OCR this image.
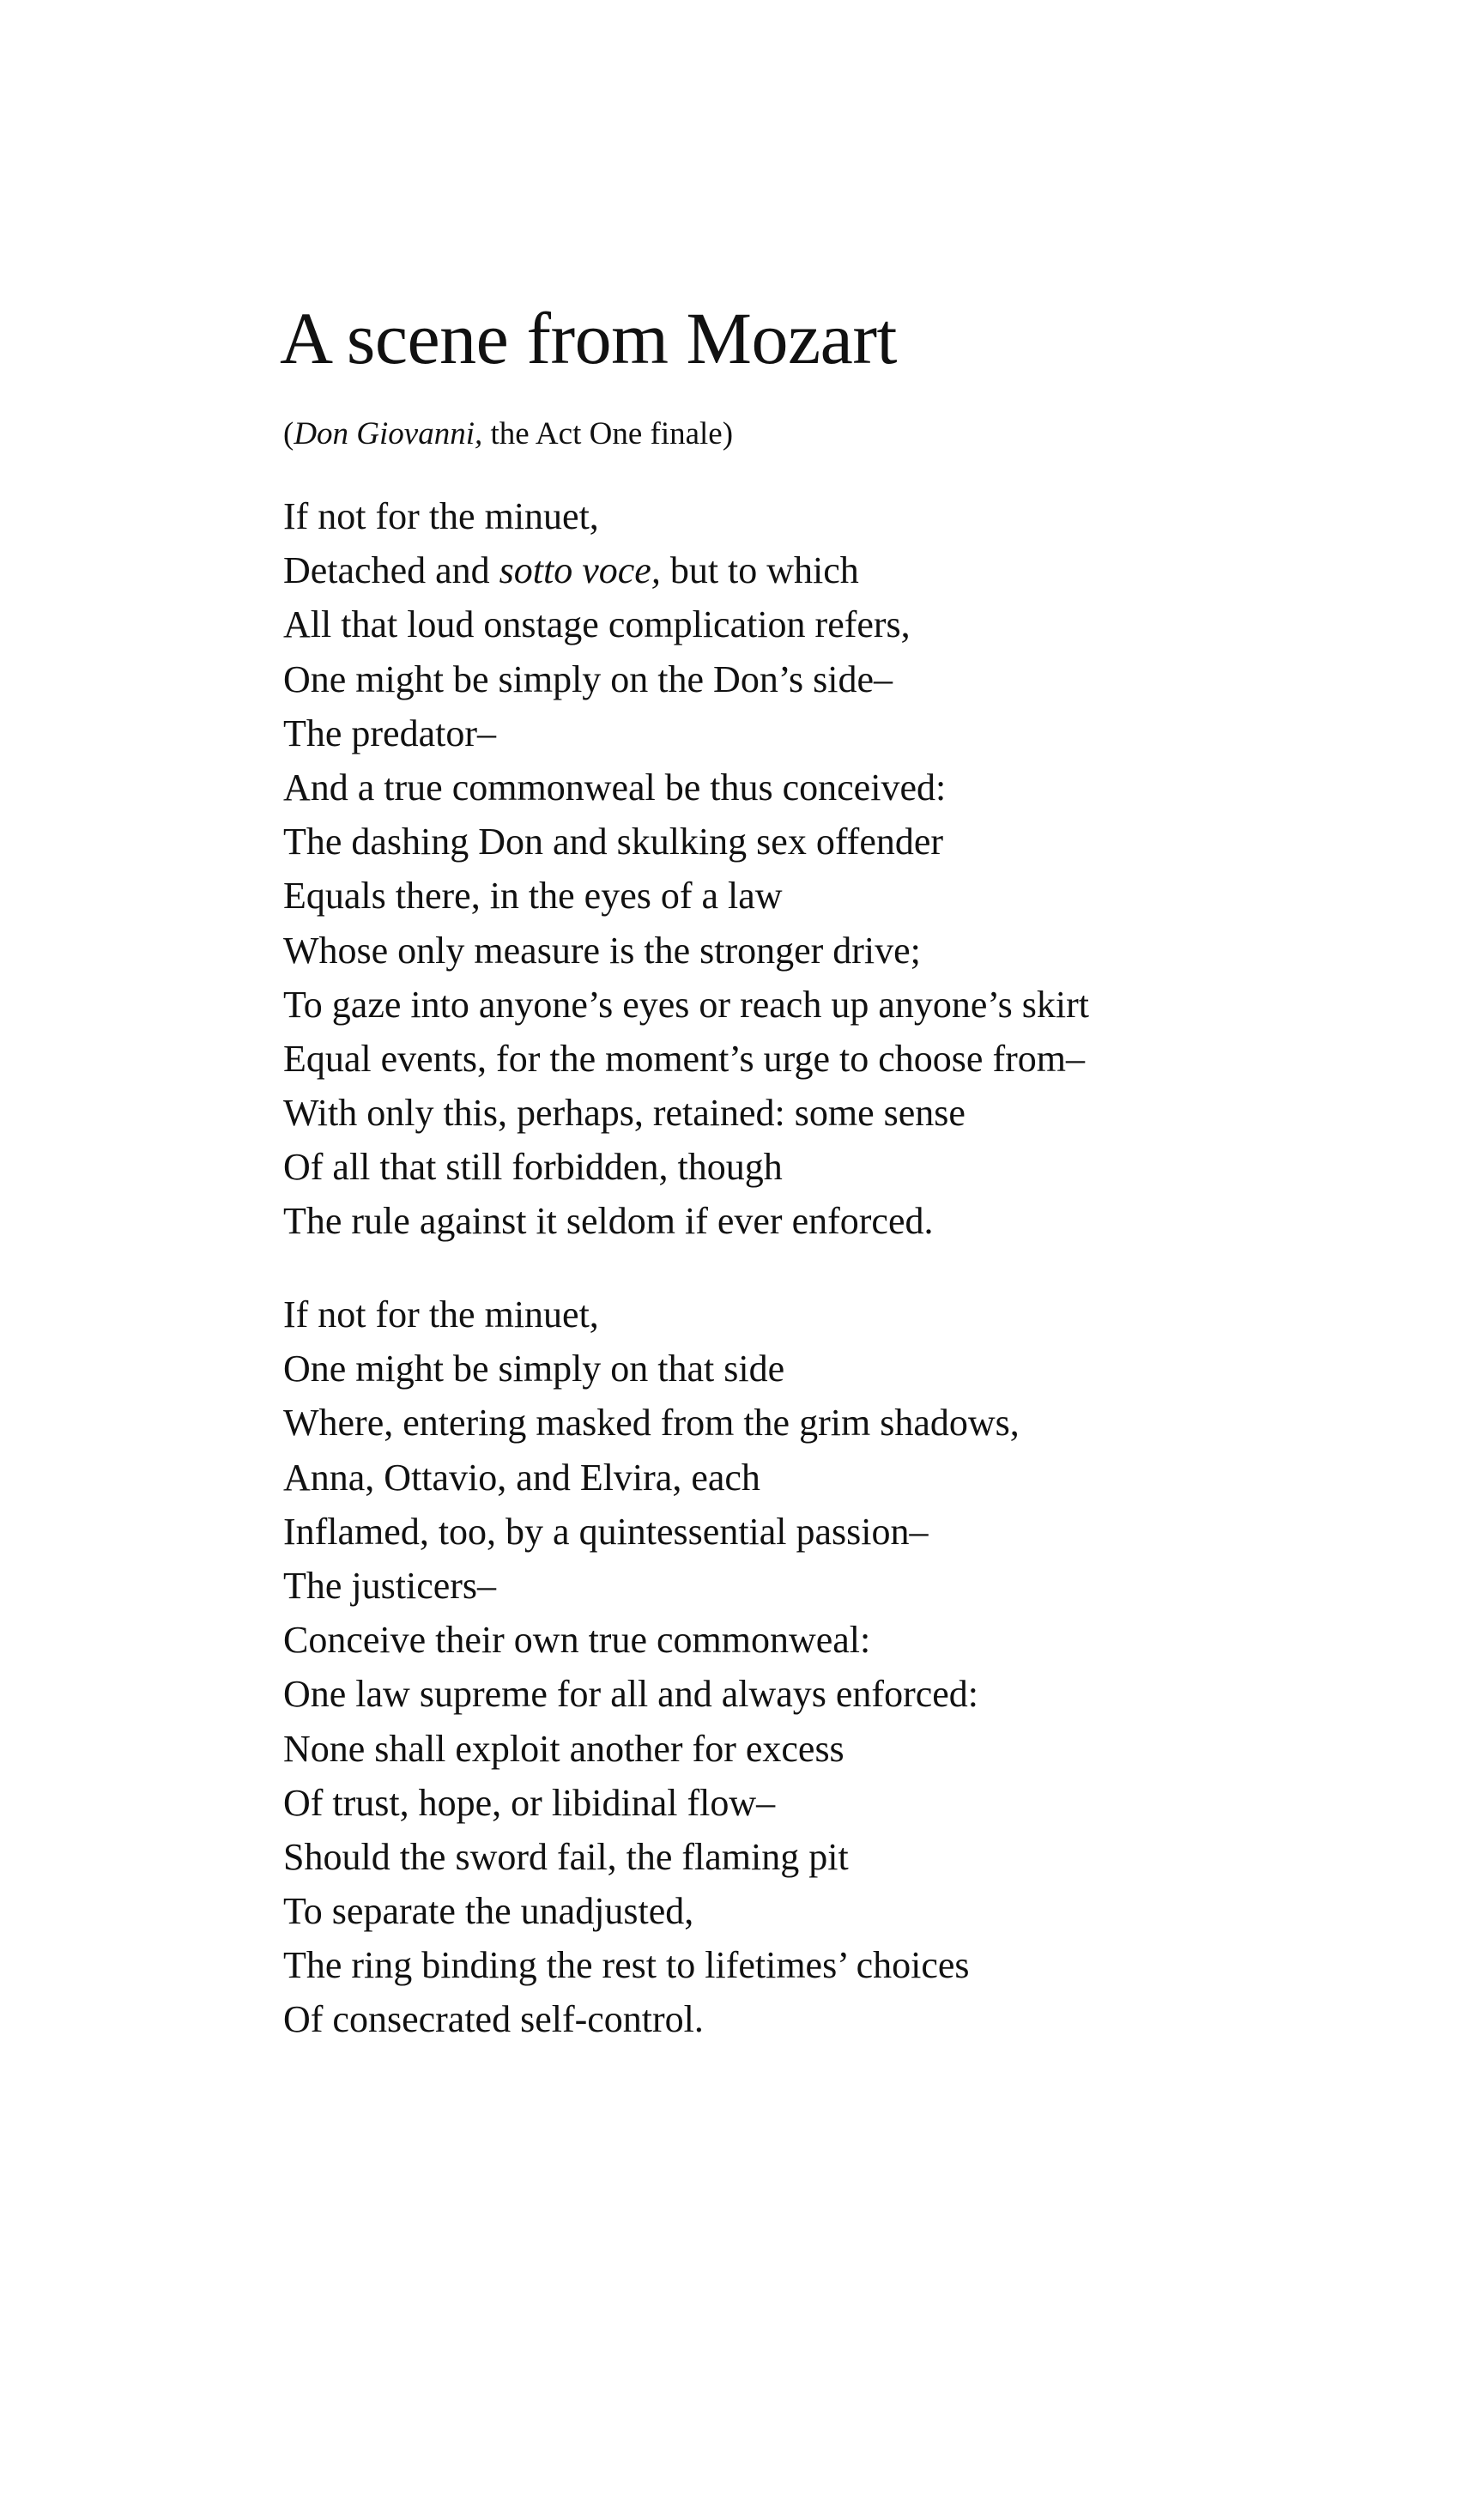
A scene from Mozart
(Don Giovanni, the Act One finale)
If not for the minuet,
Detached and sotto voce, but to which
All that loud onstage complication refers,
One might be simply on the Don’s side–
The predator–
And a true commonweal be thus conceived:
The dashing Don and skulking sex offender
Equals there, in the eyes of a law
Whose only measure is the stronger drive;
To gaze into anyone’s eyes or reach up anyone’s skirt
Equal events, for the moment’s urge to choose from–
With only this, perhaps, retained: some sense
Of all that still forbidden, though
The rule against it seldom if ever enforced.
If not for the minuet,
One might be simply on that side
Where, entering masked from the grim shadows,
Anna, Ottavio, and Elvira, each
Inflamed, too, by a quintessential passion–
The justicers–
Conceive their own true commonweal:
One law supreme for all and always enforced:
None shall exploit another for excess
Of trust, hope, or libidinal flow–
Should the sword fail, the flaming pit
To separate the unadjusted,
The ring binding the rest to lifetimes’ choices
Of consecrated self-control.
